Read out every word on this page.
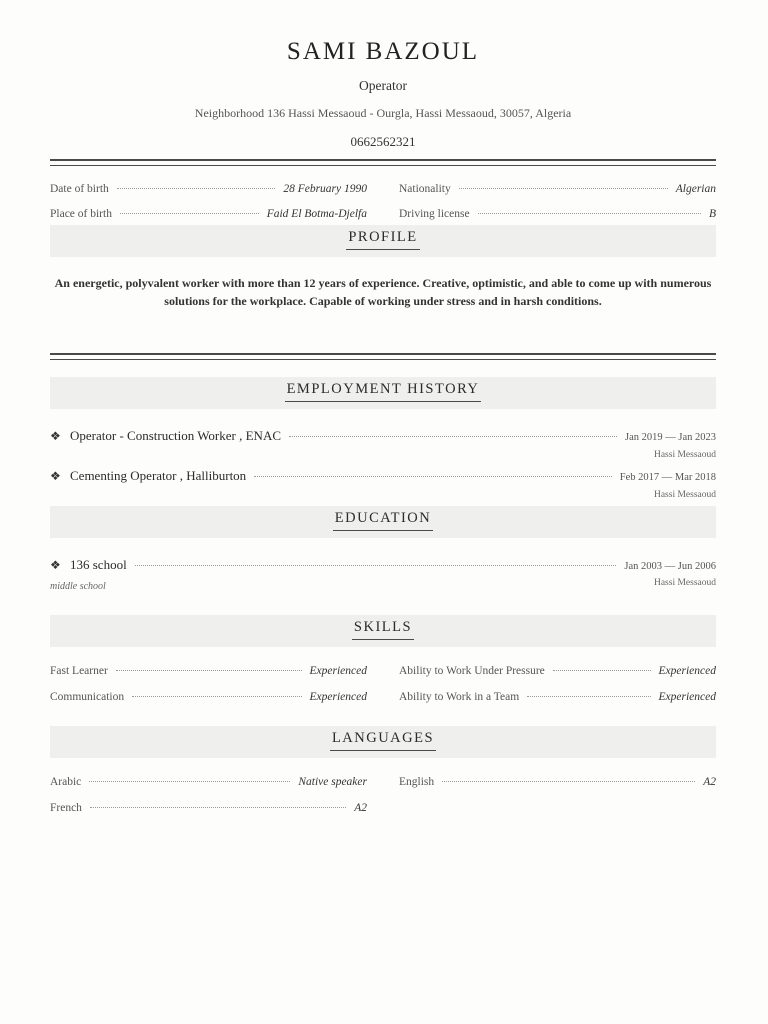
SAMI BAZOUL
Operator
Neighborhood 136 Hassi Messaoud - Ourgla, Hassi Messaoud, 30057, Algeria
0662562321
Date of birth	28 February 1990	Nationality	Algerian
Place of birth	Faid El Botma-Djelfa	Driving license	B
PROFILE
An energetic, polyvalent worker with more than 12 years of experience. Creative, optimistic, and able to come up with numerous solutions for the workplace. Capable of working under stress and in harsh conditions.
EMPLOYMENT HISTORY
❖ Operator - Construction Worker , ENAC	Jan 2019 — Jan 2023
Hassi Messaoud
❖ Cementing Operator , Halliburton	Feb 2017 — Mar 2018
Hassi Messaoud
EDUCATION
❖ 136 school	Jan 2003 — Jun 2006
middle school	Hassi Messaoud
SKILLS
Fast Learner	Experienced	Ability to Work Under Pressure	Experienced
Communication	Experienced	Ability to Work in a Team	Experienced
LANGUAGES
Arabic	Native speaker	English	A2
French	A2
